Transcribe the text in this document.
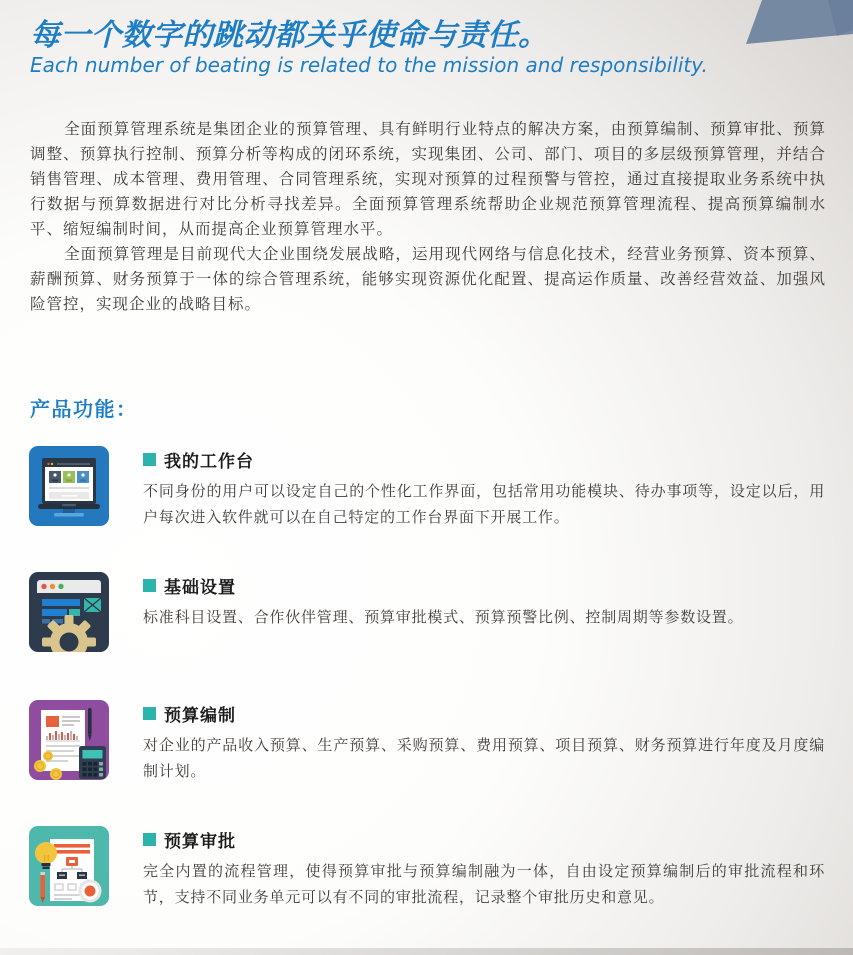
每一个数字的跳动都关乎使命与责任。
Each number of beating is related to the mission and responsibility.

全面预算管理系统是集团企业的预算管理、具有鲜明行业特点的解决方案，由预算编制、预算审批、预算调整、预算执行控制、预算分析等构成的闭环系统，实现集团、公司、部门、项目的多层级预算管理，并结合销售管理、成本管理、费用管理、合同管理系统，实现对预算的过程预警与管控，通过直接提取业务系统中执行数据与预算数据进行对比分析寻找差异。全面预算管理系统帮助企业规范预算管理流程、提高预算编制水平、缩短编制时间，从而提高企业预算管理水平。

全面预算管理是目前现代大企业围绕发展战略，运用现代网络与信息化技术，经营业务预算、资本预算、薪酬预算、财务预算于一体的综合管理系统，能够实现资源优化配置、提高运作质量、改善经营效益、加强风险管控，实现企业的战略目标。

产品功能：
我的工作台
不同身份的用户可以设定自己的个性化工作界面，包括常用功能模块、待办事项等，设定以后，用户每次进入软件就可以在自己特定的工作台界面下开展工作。
基础设置
标准科目设置、合作伙伴管理、预算审批模式、预算预警比例、控制周期等参数设置。
预算编制
对企业的产品收入预算、生产预算、采购预算、费用预算、项目预算、财务预算进行年度及月度编制计划。
预算审批
完全内置的流程管理，使得预算审批与预算编制融为一体，自由设定预算编制后的审批流程和环节，支持不同业务单元可以有不同的审批流程，记录整个审批历史和意见。
